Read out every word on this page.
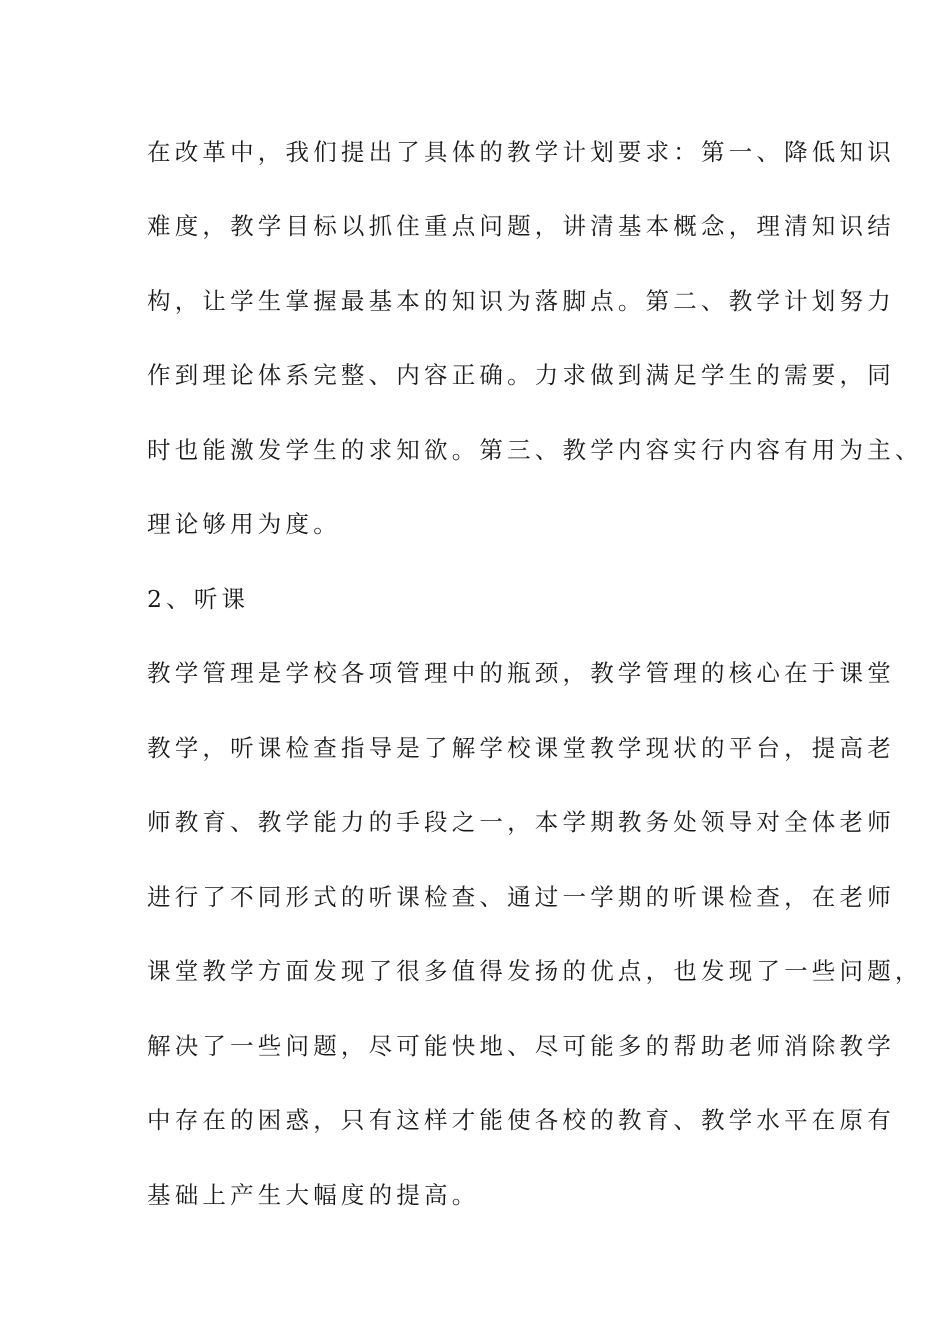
在改革中，我们提出了具体的教学计划要求：第一、降低知识
难度，教学目标以抓住重点问题，讲清基本概念，理清知识结
构，让学生掌握最基本的知识为落脚点。第二、教学计划努力
作到理论体系完整、内容正确。力求做到满足学生的需要，同
时也能激发学生的求知欲。第三、教学内容实行内容有用为主、
理论够用为度。
2、听课
教学管理是学校各项管理中的瓶颈，教学管理的核心在于课堂
教学，听课检查指导是了解学校课堂教学现状的平台，提高老
师教育、教学能力的手段之一，本学期教务处领导对全体老师
进行了不同形式的听课检查、通过一学期的听课检查，在老师
课堂教学方面发现了很多值得发扬的优点，也发现了一些问题，
解决了一些问题，尽可能快地、尽可能多的帮助老师消除教学
中存在的困惑，只有这样才能使各校的教育、教学水平在原有
基础上产生大幅度的提高。
